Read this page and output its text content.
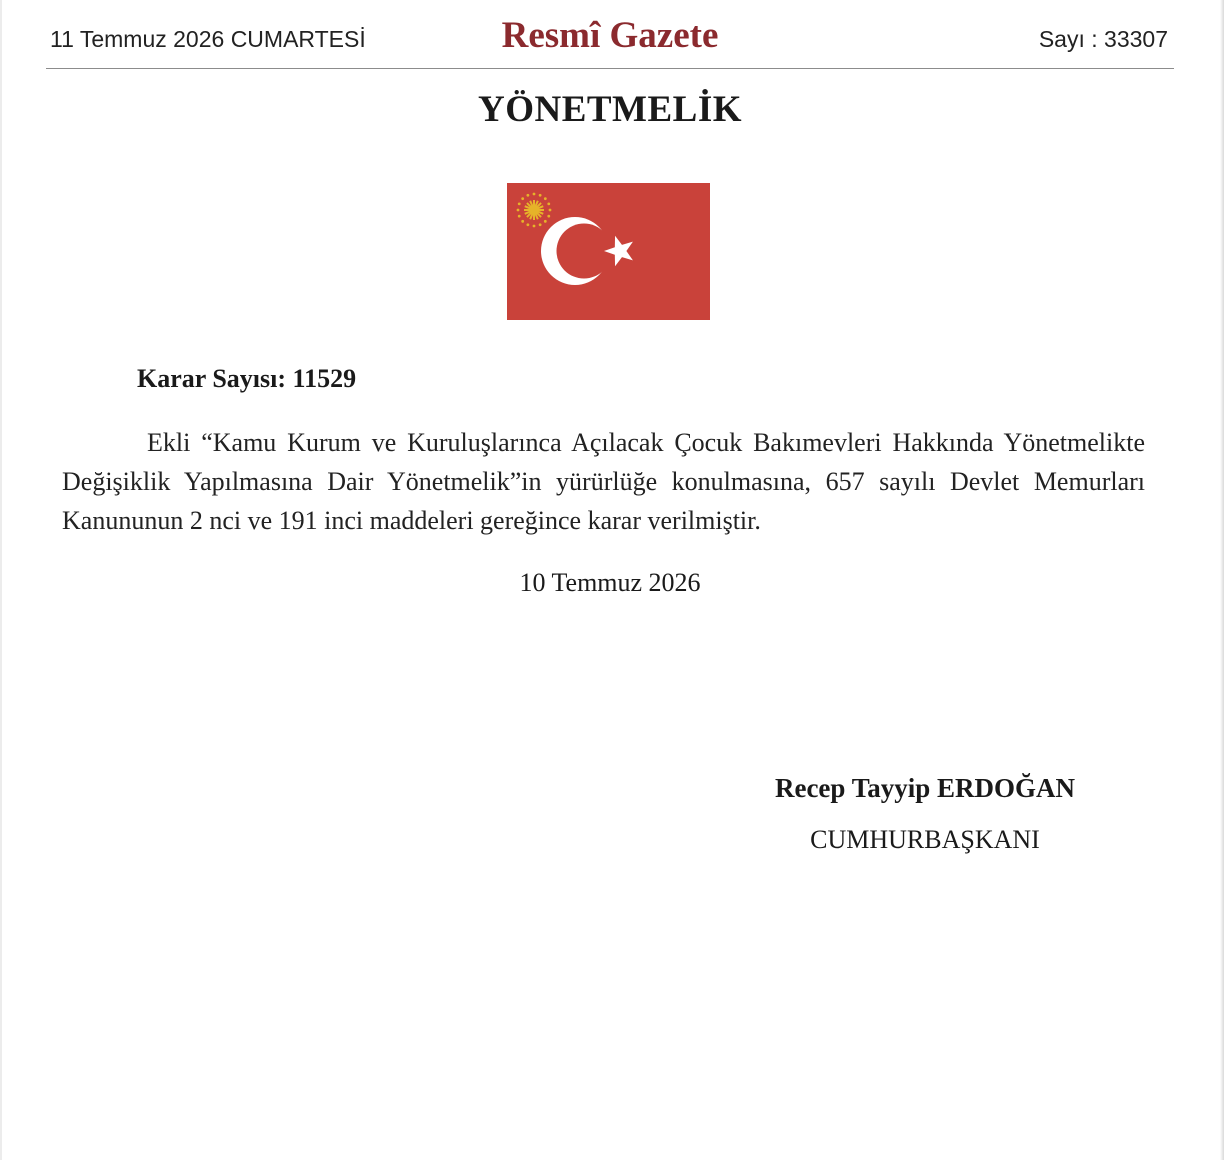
11 Temmuz 2026 CUMARTESİ	Resmî Gazete	Sayı : 33307
YÖNETMELİK
Karar Sayısı: 11529
Ekli “Kamu Kurum ve Kuruluşlarınca Açılacak Çocuk Bakımevleri Hakkında Yönetmelikte Değişiklik Yapılmasına Dair Yönetmelik”in yürürlüğe konulmasına, 657 sayılı Devlet Memurları Kanununun 2 nci ve 191 inci maddeleri gereğince karar verilmiştir.
10 Temmuz 2026
Recep Tayyip ERDOĞAN
CUMHURBAŞKANI
